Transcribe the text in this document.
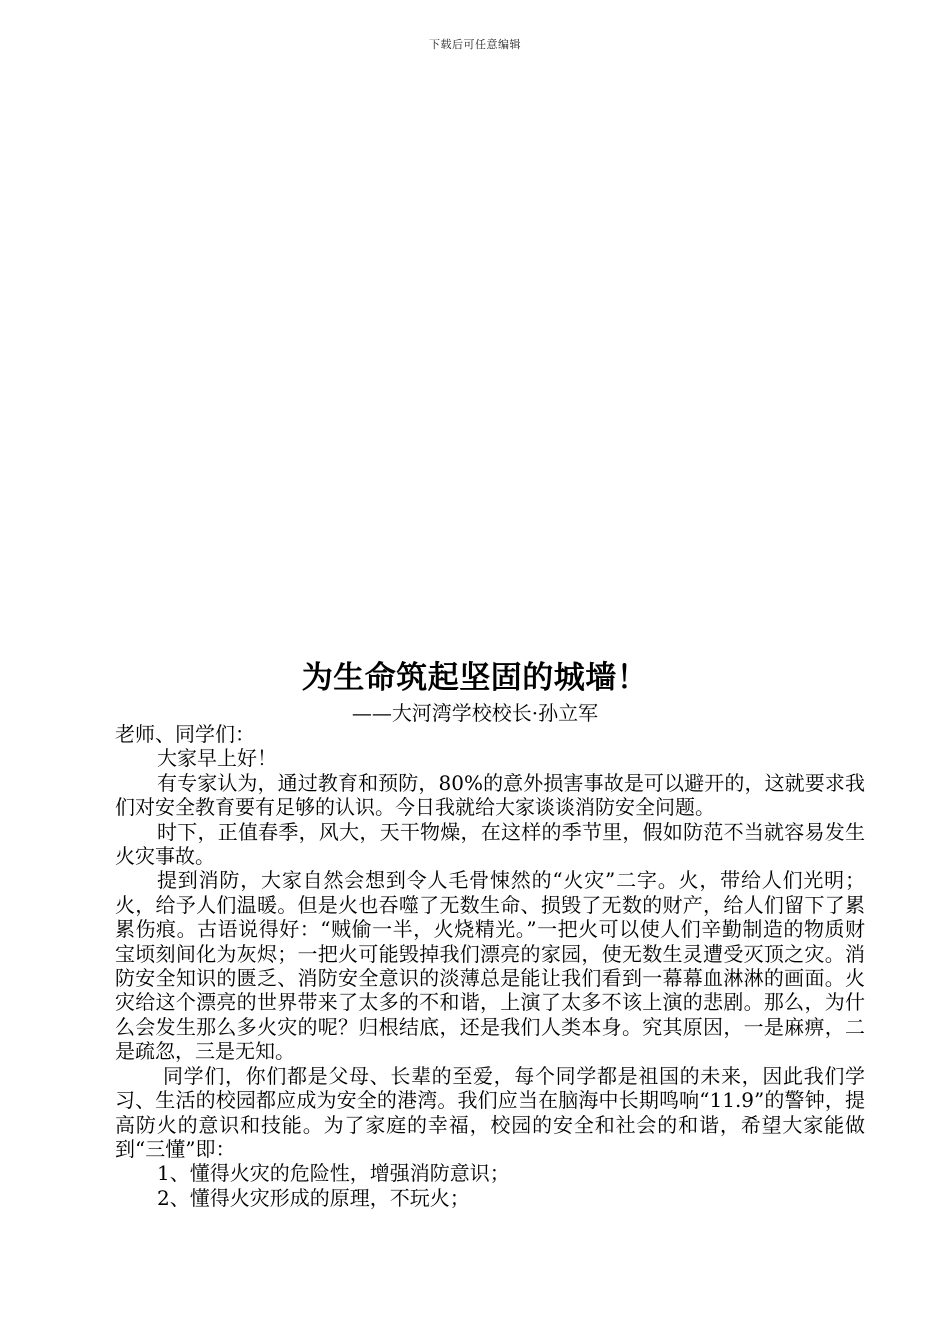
下载后可任意编辑
为生命筑起坚固的城墙！
——大河湾学校校长·孙立军

老师、同学们：

大家早上好！

有专家认为，通过教育和预防，80%的意外损害事故是可以避开的，这就要求我们对安全教育要有足够的认识。今日我就给大家谈谈消防安全问题。

时下，正值春季，风大，天干物燥，在这样的季节里，假如防范不当就容易发生火灾事故。

提到消防，大家自然会想到令人毛骨悚然的“火灾”二字。火，带给人们光明；火，给予人们温暖。但是火也吞噬了无数生命、损毁了无数的财产，给人们留下了累累伤痕。古语说得好：“贼偷一半，火烧精光。”一把火可以使人们辛勤制造的物质财宝顷刻间化为灰烬；一把火可能毁掉我们漂亮的家园，使无数生灵遭受灭顶之灾。消防安全知识的匮乏、消防安全意识的淡薄总是能让我们看到一幕幕血淋淋的画面。火灾给这个漂亮的世界带来了太多的不和谐，上演了太多不该上演的悲剧。那么，为什么会发生那么多火灾的呢？归根结底，还是我们人类本身。究其原因，一是麻痹，二是疏忽，三是无知。

同学们，你们都是父母、长辈的至爱，每个同学都是祖国的未来，因此我们学习、生活的校园都应成为安全的港湾。我们应当在脑海中长期鸣响“11.9”的警钟，提高防火的意识和技能。为了家庭的幸福，校园的安全和社会的和谐，希望大家能做到“三懂”即：

1、懂得火灾的危险性，增强消防意识；

2、懂得火灾形成的原理，不玩火；
